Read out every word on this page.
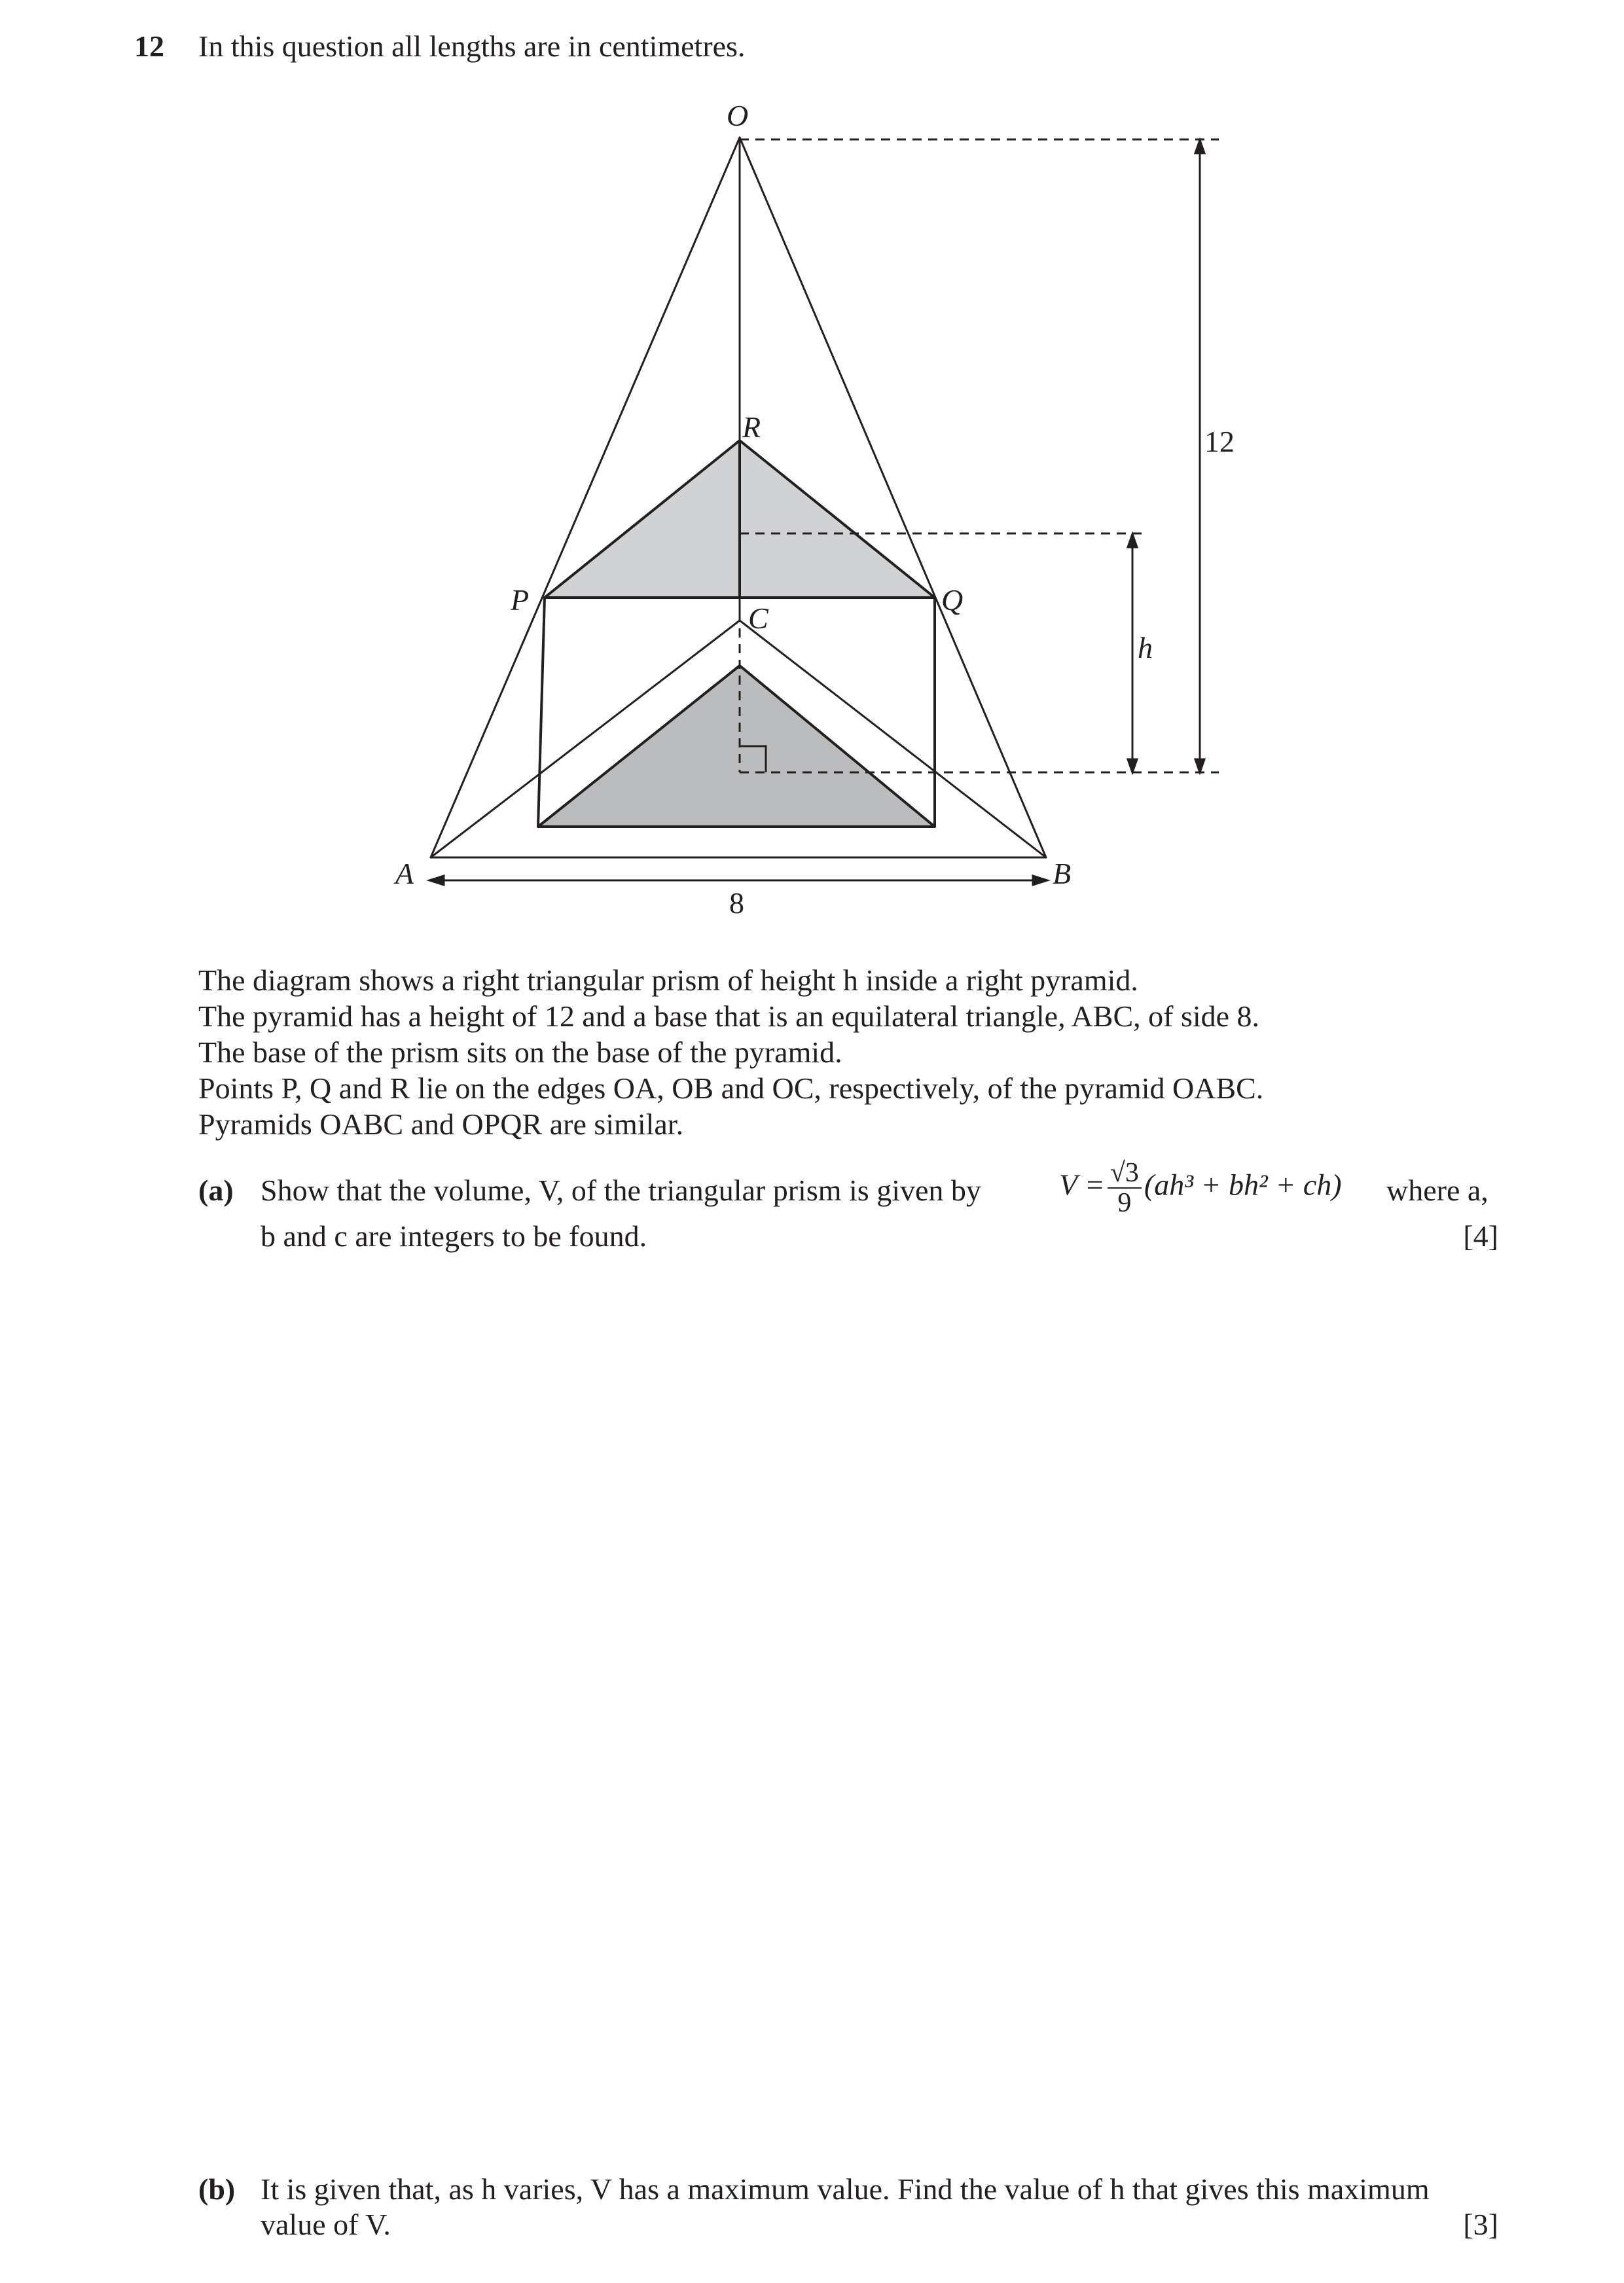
12 In this question all lengths are in centimetres.
O
R
P	Q
C
A	B
h
12
8
The diagram shows a right triangular prism of height h inside a right pyramid.
The pyramid has a height of 12 and a base that is an equilateral triangle, ABC, of side 8.
The base of the prism sits on the base of the pyramid.
Points P, Q and R lie on the edges OA, OB and OC, respectively, of the pyramid OABC.
Pyramids OABC and OPQR are similar.
(a) Show that the volume, V, of the triangular prism is given by	$V = \frac{√3}{9} (ah^3 + bh^2 + ch)$ where a,
b and c are integers to be found.	[4]
(b) It is given that, as h varies, V has a maximum value. Find the value of h that gives this maximum
value of V.	[3]
